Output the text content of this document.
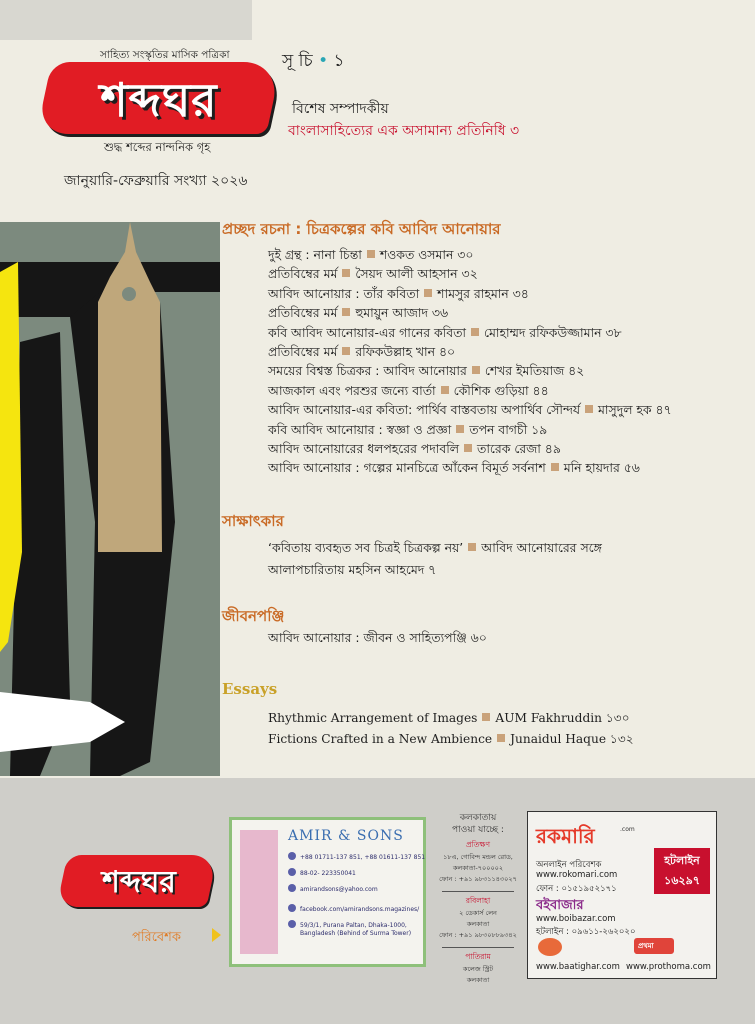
সাহিত্য সংস্কৃতির মাসিক পত্রিকা
শব্দঘর
শুদ্ধ শব্দের নান্দনিক গৃহ
জানুয়ারি-ফেব্রুয়ারি সংখ্যা ২০২৬
সূ চি • ১
বিশেষ সম্পাদকীয়
বাংলাসাহিত্যের এক অসামান্য প্রতিনিধি ৩
প্রচ্ছদ রচনা : চিত্রকল্পের কবি আবিদ আনোয়ার
দুই গ্রন্থ : নানা চিন্তা শওকত ওসমান ৩০
প্রতিবিম্বের মর্ম সৈয়দ আলী আহসান ৩২
আবিদ আনোয়ার : তাঁর কবিতা শামসুর রাহমান ৩৪
প্রতিবিম্বের মর্ম হুমায়ুন আজাদ ৩৬
কবি আবিদ আনোয়ার-এর গানের কবিতা মোহাম্মদ রফিকউজ্জামান ৩৮
প্রতিবিম্বের মর্ম রফিকউল্লাহ খান ৪০
সময়ের বিশ্বস্ত চিত্রকর : আবিদ আনোয়ার শেখর ইমতিয়াজ ৪২
আজকাল এবং পরশুর জন্যে বার্তা কৌশিক গুড়িয়া ৪৪
আবিদ আনোয়ার-এর কবিতা: পার্থিব বাস্তবতায় অপার্থিব সৌন্দর্য মাসুদুল হক ৪৭
কবি আবিদ আনোয়ার : স্বজ্ঞা ও প্রজ্ঞা তপন বাগচী ১৯
আবিদ আনোয়ারের ধলপহরের পদাবলি তারেক রেজা ৪৯
আবিদ আনোয়ার : গল্পের মানচিত্রে আঁকেন বিমূর্ত সর্বনাশ মনি হায়দার ৫৬
সাক্ষাৎকার
‘কবিতায় ব্যবহৃত সব চিত্রই চিত্রকল্প নয়’ আবিদ আনোয়ারের সঙ্গে
আলাপচারিতায় মহসিন আহমেদ ৭
জীবনপঞ্জি
আবিদ আনোয়ার : জীবন ও সাহিত্যপঞ্জি ৬০
Essays
Rhythmic Arrangement of Images AUM Fakhruddin ১৩০
Fictions Crafted in a New Ambience Junaidul Haque ১৩২
শব্দঘর
পরিবেশক
AMIR & SONS
+88 01711-137 851, +88 01611-137 851
88-02- 223350041
amirandsons@yahoo.com
facebook.com/amirandsons.magazines/
59/3/1, Purana Paltan, Dhaka-1000,
Bangladesh (Behind of Surma Tower)
কলকাতায়
পাওয়া যাচ্ছে :
প্রতিক্ষণ
১৮এ, গোবিন্দ মন্ডল রোড,
কলকাতা-৭০০০০২
ফোন : +৯১ ৯৮৩১১৪৩০২৭
রবিলাহা
২ ডেকার্স লেন
কলকাতা
ফোন : +৯১ ৯৮৩০৮৮৯৩৪২
পাতিরাম
কলেজ স্ট্রিট
কলকাতা
রকমারি	.com
অনলাইন পরিবেশক
www.rokomari.com
ফোন : ০১৫১৯৫২১৭১
হটলাইন
১৬২৯৭
বইবাজার
www.boibazar.com
হটলাইন : ০৯৬১১-২৬২০২০
প্রথমা
www.baatighar.com www.prothoma.com
